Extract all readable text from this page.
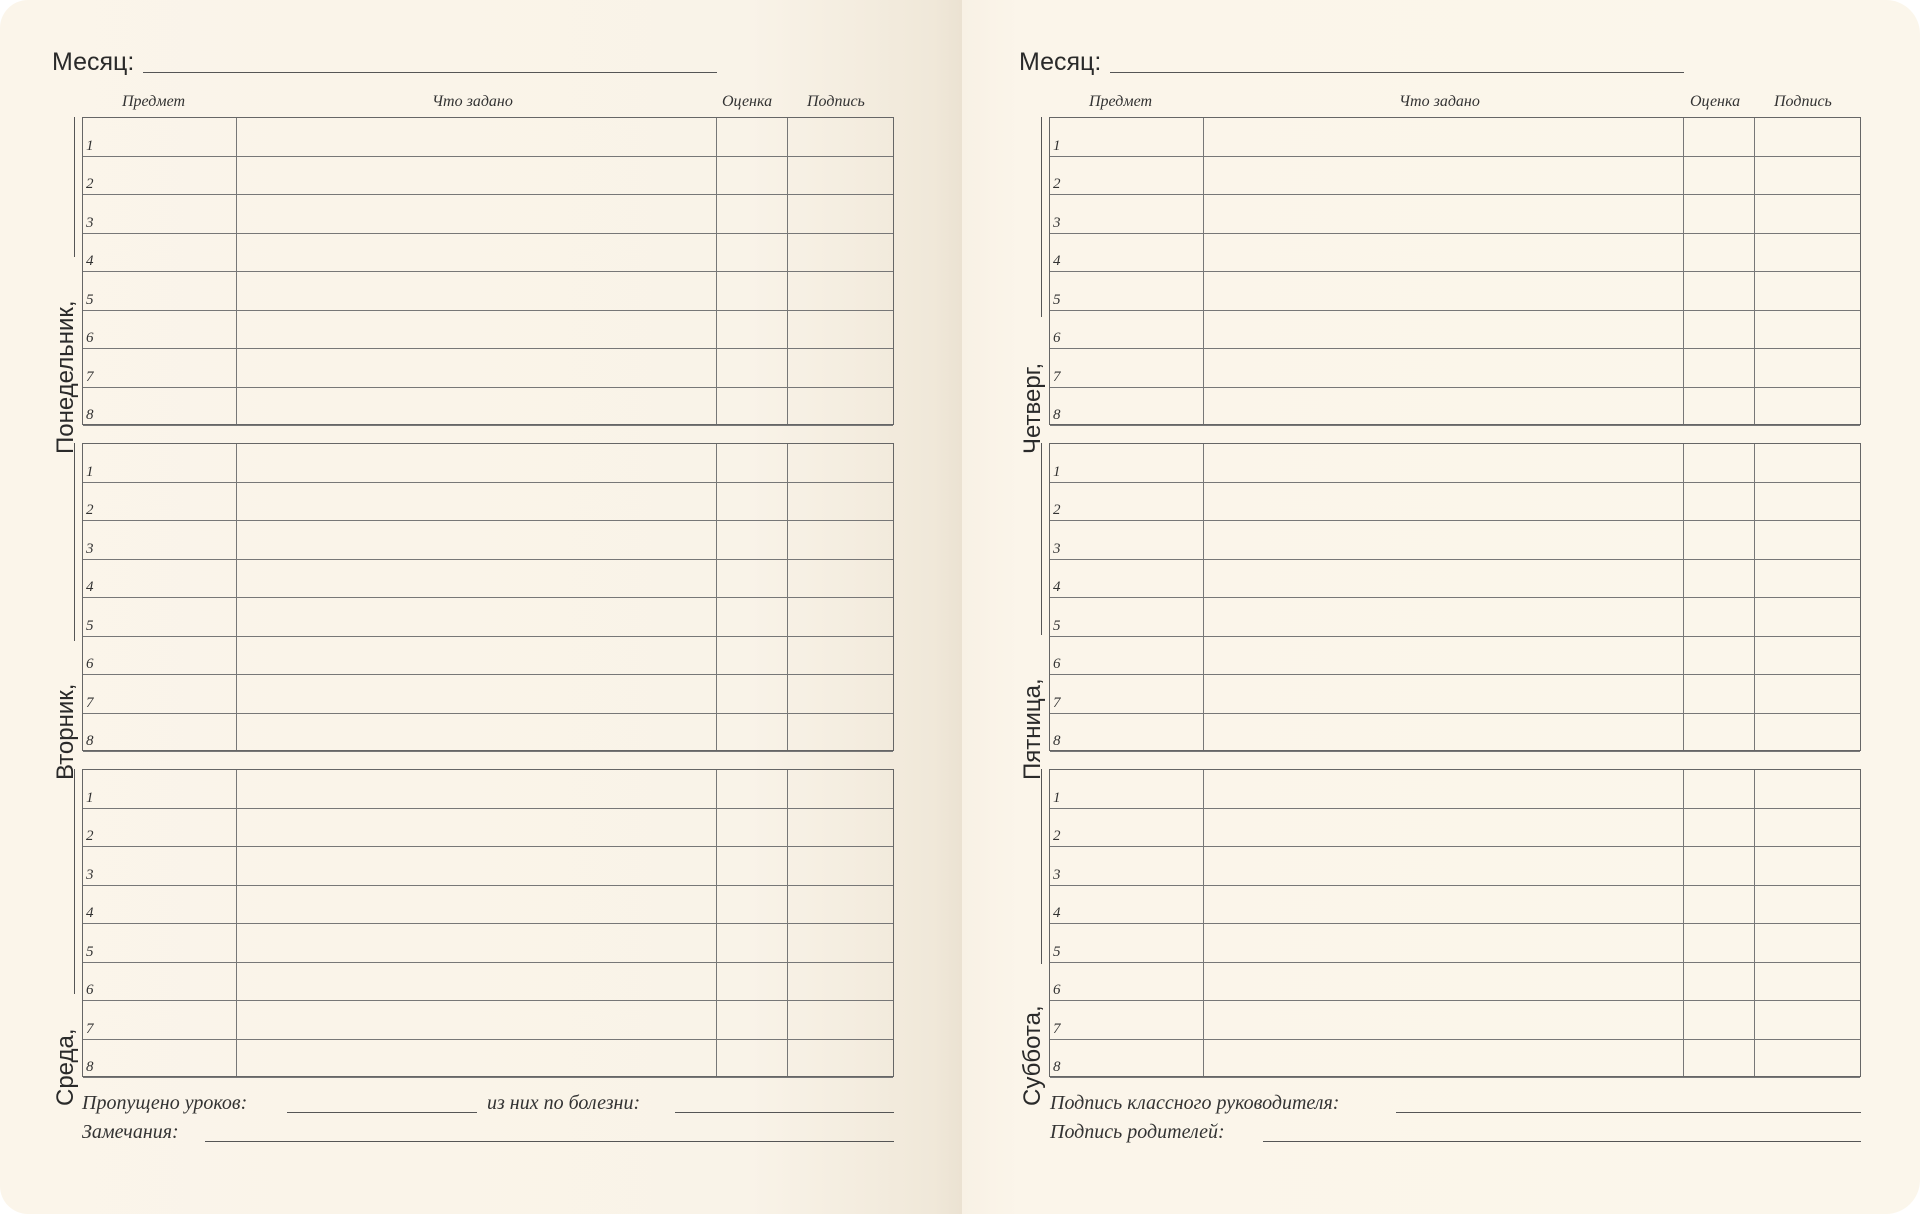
Месяц:
Предмет	Что задано	Оценка Подпись
Понедельник,
1
2
3
4
5
6
7
8
Вторник,
1
2
3
4
5
6
7
8
Среда,
1
2
3
4
5
6
7
8
Пропущено уроков:	из них по болезни:
Замечания:
Месяц:
Предмет	Что задано	Оценка Подпись
Четверг,
1
2
3
4
5
6
7
8
Пятница,
1
2
3
4
5
6
7
8
Суббота,
1
2
3
4
5
6
7
8
Подпись классного руководителя:
Подпись родителей:
